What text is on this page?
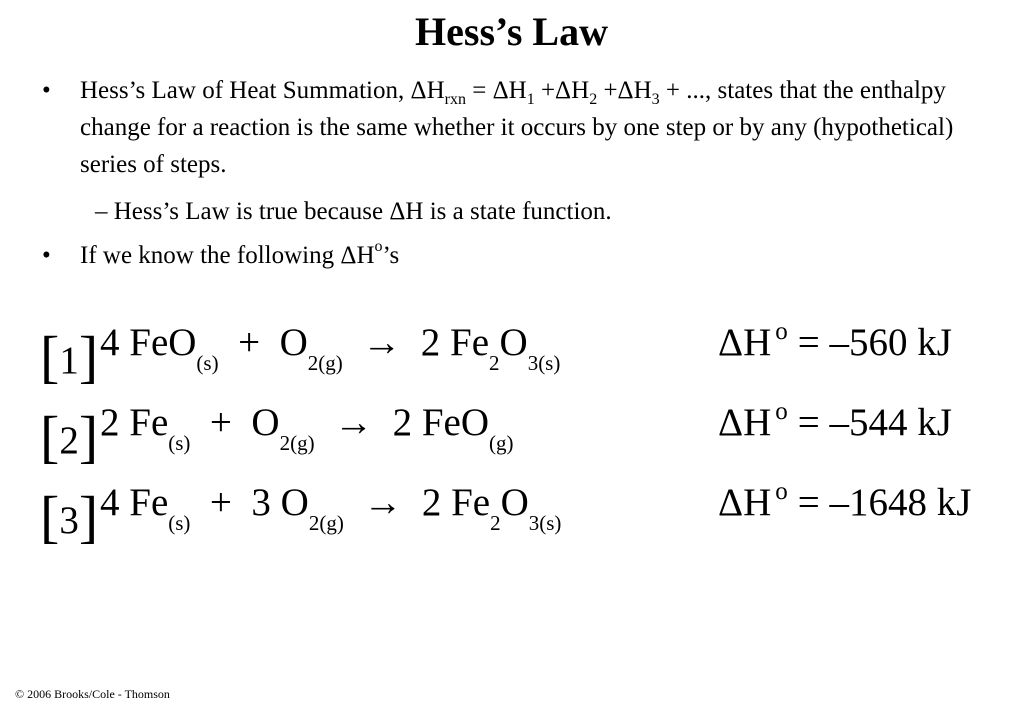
Hess’s Law
• Hess’s Law of Heat Summation, $\Delta H_{rxn} = \Delta H_1 +\Delta H_2 +\Delta H_3$ + ..., states that the enthalpy change for a reaction is the same whether it occurs by one step or by any (hypothetical) series of steps.
– Hess’s Law is true because ΔH is a state function.
• If we know the following $\Delta H^o’s$
[1] 4 $FeO_{(s)} + O_{2(g)} \to 2$ $Fe_2O_{3(s)}$	ΔH $^o$ = –560 kJ
[2] 2 $Fe_{(s)} + O_{2(g)} \to 2$ FeO$_{(g)}$	ΔH $^o$ = –544 kJ
[3] 4 $Fe_{(s)} + 3$ $O_{2(g)} \to 2$ $Fe_2O_{3(s)}$	ΔH $^o$ = –1648 kJ
© 2006 Brooks/Cole - Thomson
